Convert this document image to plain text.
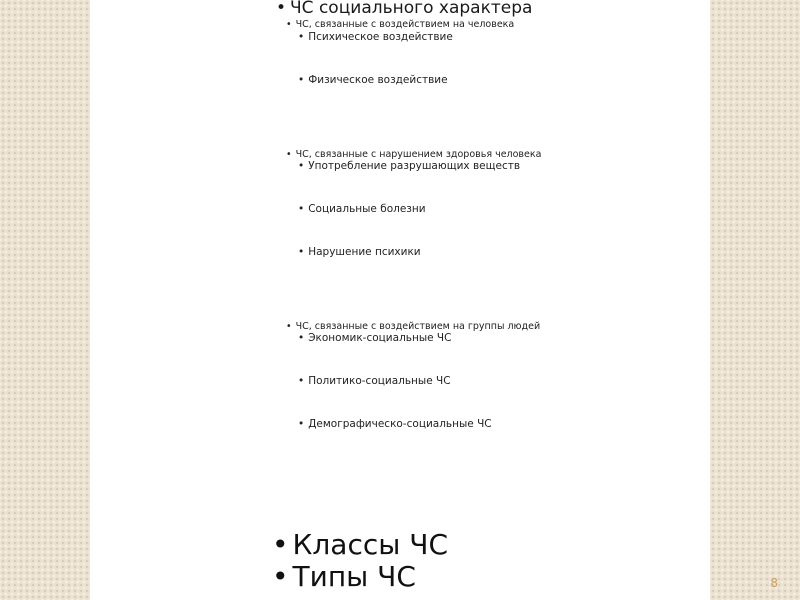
• ЧС социального характера
• ЧС, связанные с воздействием на человека
• Психическое воздействие
• Физическое воздействие
• ЧС, связанные с нарушением здоровья человека
• Употребление разрушающих веществ
• Социальные болезни
• Нарушение психики
• ЧС, связанные с воздействием на группы людей
• Экономик-социальные ЧС
• Политико-социальные ЧС
• Демографическо-социальные ЧС
• Классы ЧС
• Типы ЧС	8
